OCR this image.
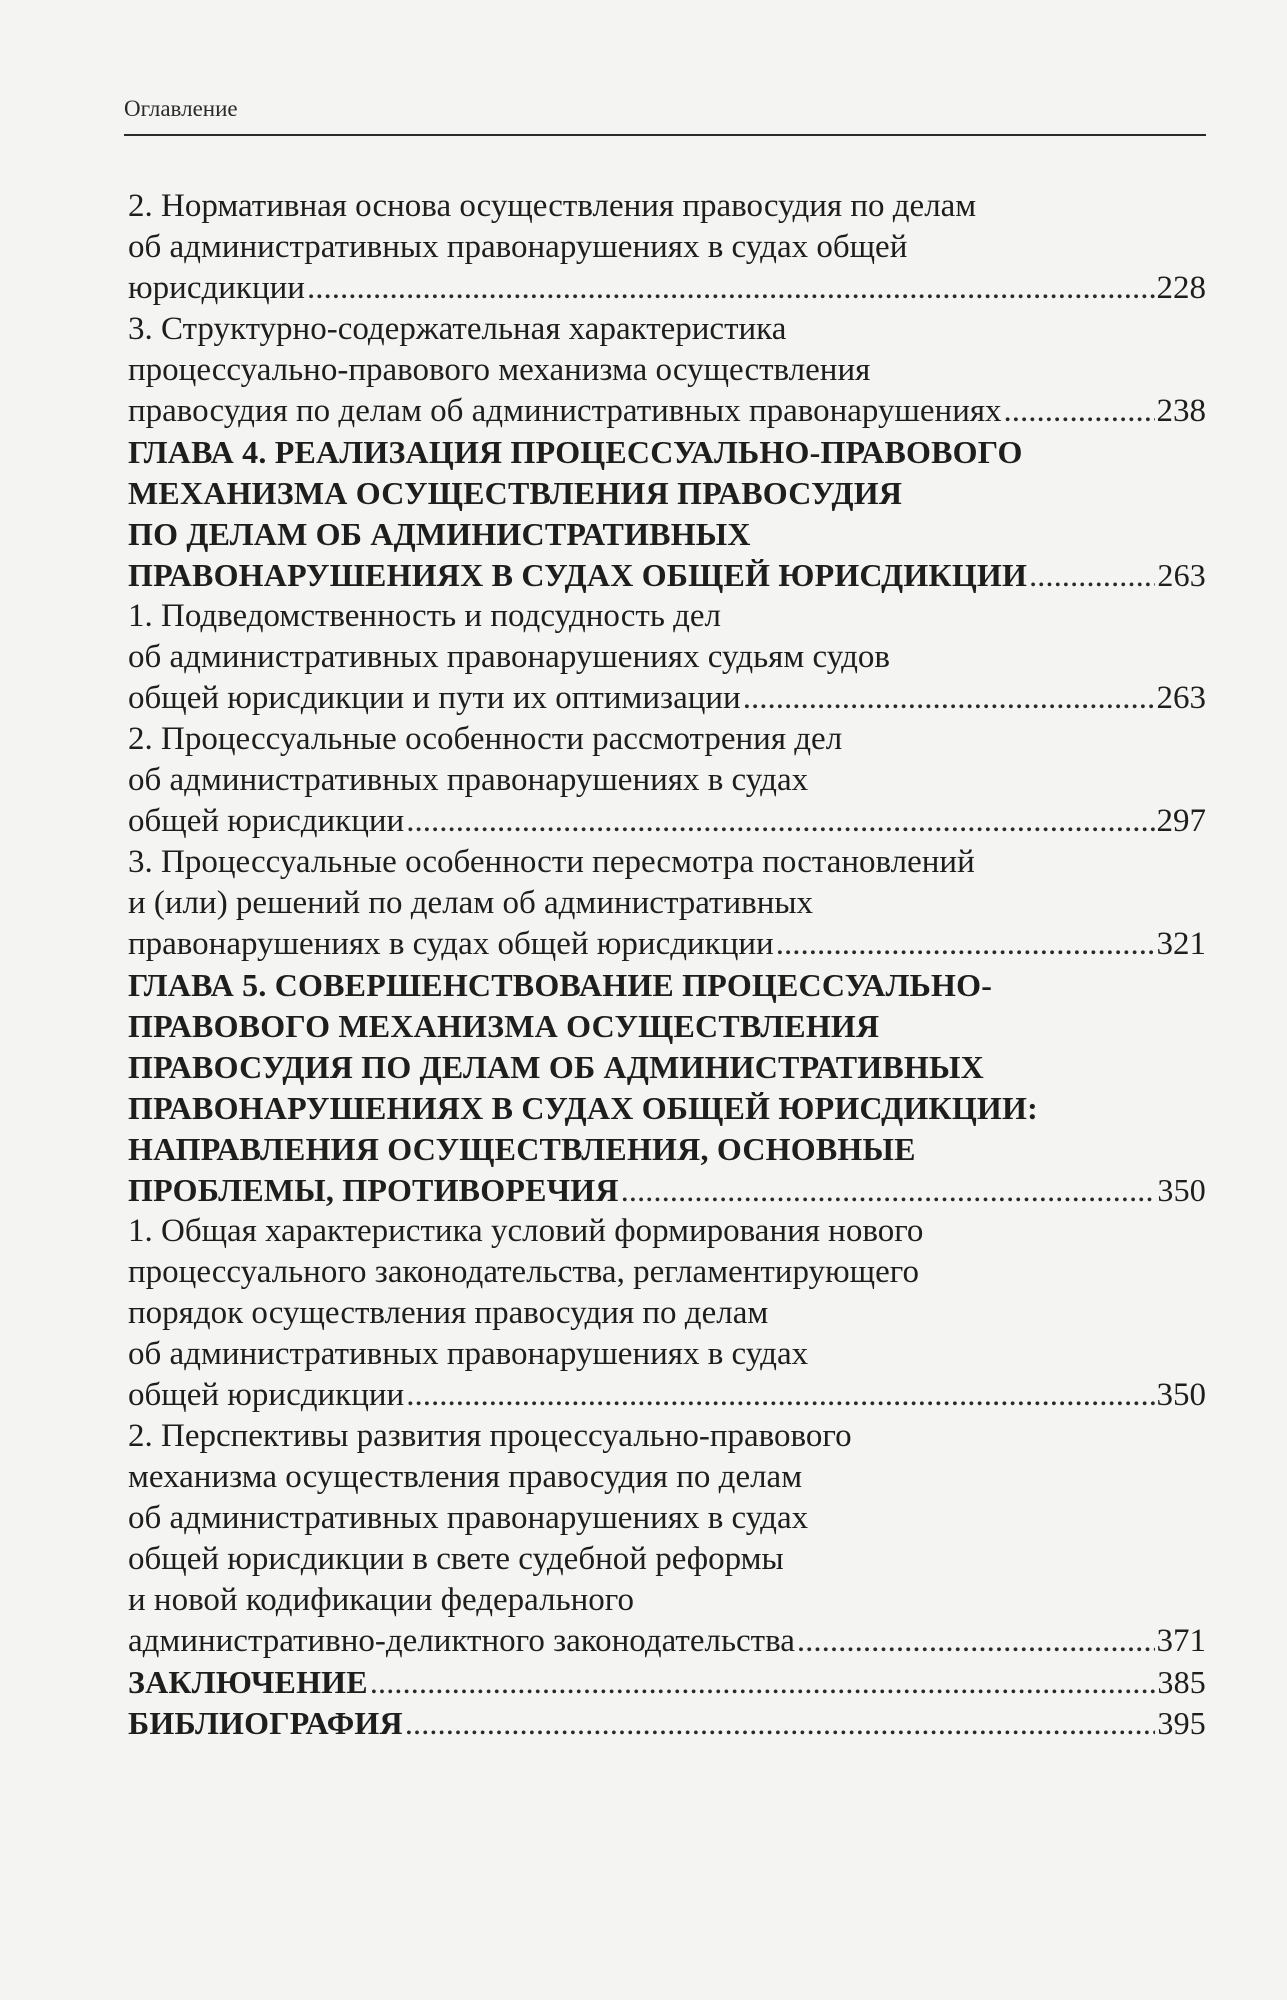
Оглавление
2. Нормативная основа осуществления правосудия по делам
об административных правонарушениях в судах общей
юрисдикции .....	228
3. Структурно-содержательная характеристика
процессуально-правового механизма осуществления
правосудия по делам об административных правонарушениях .....	238
ГЛАВА 4. РЕАЛИЗАЦИЯ ПРОЦЕССУАЛЬНО-ПРАВОВОГО
МЕХАНИЗМА ОСУЩЕСТВЛЕНИЯ ПРАВОСУДИЯ
ПО ДЕЛАМ ОБ АДМИНИСТРАТИВНЫХ
ПРАВОНАРУШЕНИЯХ В СУДАХ ОБЩЕЙ ЮРИСДИКЦИИ .....	263
1. Подведомственность и подсудность дел
об административных правонарушениях судьям судов
общей юрисдикции и пути их оптимизации .....	263
2. Процессуальные особенности рассмотрения дел
об административных правонарушениях в судах
общей юрисдикции .....	297
3. Процессуальные особенности пересмотра постановлений
и (или) решений по делам об административных
правонарушениях в судах общей юрисдикции .....	321
ГЛАВА 5. СОВЕРШЕНСТВОВАНИЕ ПРОЦЕССУАЛЬНО-
ПРАВОВОГО МЕХАНИЗМА ОСУЩЕСТВЛЕНИЯ
ПРАВОСУДИЯ ПО ДЕЛАМ ОБ АДМИНИСТРАТИВНЫХ
ПРАВОНАРУШЕНИЯХ В СУДАХ ОБЩЕЙ ЮРИСДИКЦИИ:
НАПРАВЛЕНИЯ ОСУЩЕСТВЛЕНИЯ, ОСНОВНЫЕ
ПРОБЛЕМЫ, ПРОТИВОРЕЧИЯ .....	350
1. Общая характеристика условий формирования нового
процессуального законодательства, регламентирующего
порядок осуществления правосудия по делам
об административных правонарушениях в судах
общей юрисдикции .....	350
2. Перспективы развития процессуально-правового
механизма осуществления правосудия по делам
об административных правонарушениях в судах
общей юрисдикции в свете судебной реформы
и новой кодификации федерального
административно-деликтного законодательства .....	371
ЗАКЛЮЧЕНИЕ .....	385
БИБЛИОГРАФИЯ .....	395
